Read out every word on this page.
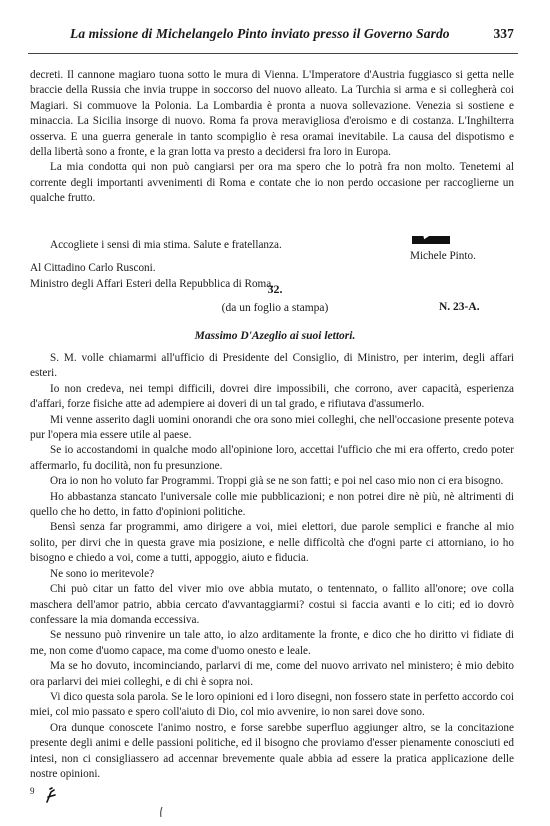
La missione di Michelangelo Pinto inviato presso il Governo Sardo	337

decreti. Il cannone magiaro tuona sotto le mura di Vienna. L'Imperatore d'Austria fuggiasco si getta nelle braccie della Russia che invia truppe in soccorso del nuovo alleato. La Turchia si arma e si collegherà coi Magiari. Si commuove la Polonia. La Lombardia è pronta a nuova sollevazione. Venezia si sostiene e minaccia. La Sicilia insorge di nuovo. Roma fa prova meravigliosa d'eroismo e di costanza. L'Inghilterra osserva. E una guerra generale in tanto scompiglio è resa oramai inevitabile. La causa del dispotismo e della libertà sono a fronte, e la gran lotta va presto a decidersi fra loro in Europa.

La mia condotta qui non può cangiarsi per ora ma spero che lo potrà fra non molto. Tenetemi al corrente degli importanti avvenimenti di Roma e contate che io non perdo occasione per raccoglierne un qualche frutto.

Accogliete i sensi di mia stima. Salute e fratellanza.
Michele Pinto.
Al Cittadino Carlo Rusconi.
Ministro degli Affari Esteri della Repubblica di Roma.
32.
(da un foglio a stampa)	N. 23-A.
Massimo D'Azeglio ai suoi lettori.

S. M. volle chiamarmi all'ufficio di Presidente del Consiglio, di Ministro, per interim, degli affari esteri.

Io non credeva, nei tempi difficili, dovrei dire impossibili, che corrono, aver capacità, esperienza d'affari, forze fisiche atte ad adempiere ai doveri di un tal grado, e rifiutava d'assumerlo.

Mi venne asserito dagli uomini onorandi che ora sono miei colleghi, che nell'occasione presente poteva pur l'opera mia essere utile al paese.

Se io accostandomi in qualche modo all'opinione loro, accettai l'ufficio che mi era offerto, credo poter affermarlo, fu docilità, non fu presunzione.

Ora io non ho voluto far Programmi. Troppi già se ne son fatti; e poi nel caso mio non ci era bisogno.

Ho abbastanza stancato l'universale colle mie pubblicazioni; e non potrei dire nè più, nè altrimenti di quello che ho detto, in fatto d'opinioni politiche.

Bensì senza far programmi, amo dirigere a voi, miei elettori, due parole semplici e franche al mio solito, per dirvi che in questa grave mia posizione, e nelle difficoltà che d'ogni parte ci attorniano, io ho bisogno e chiedo a voi, come a tutti, appoggio, aiuto e fiducia.

Ne sono io meritevole?

Chi può citar un fatto del viver mio ove abbia mutato, o tentennato, o fallito all'onore; ove colla maschera dell'amor patrio, abbia cercato d'avvantaggiarmi? costui si faccia avanti e lo citi; ed io dovrò confessare la mia domanda eccessiva.

Se nessuno può rinvenire un tale atto, io alzo arditamente la fronte, e dico che ho diritto vi fidiate di me, non come d'uomo capace, ma come d'uomo onesto e leale.

Ma se ho dovuto, incominciando, parlarvi di me, come del nuovo arrivato nel ministero; è mio debito ora parlarvi dei miei colleghi, e di chi è sopra noi.

Vi dico questa sola parola. Se le loro opinioni ed i loro disegni, non fossero state in perfetto accordo coi miei, col mio passato e spero coll'aiuto di Dio, col mio avvenire, io non sarei dove sono.

Ora dunque conoscete l'animo nostro, e forse sarebbe superfluo aggiunger altro, se la concitazione presente degli animi e delle passioni politiche, ed il bisogno che proviamo d'esser pienamente conosciuti ed intesi, non ci consigliassero ad accennar brevemente quale abbia ad essere la pratica applicazione delle nostre opinioni.

9
